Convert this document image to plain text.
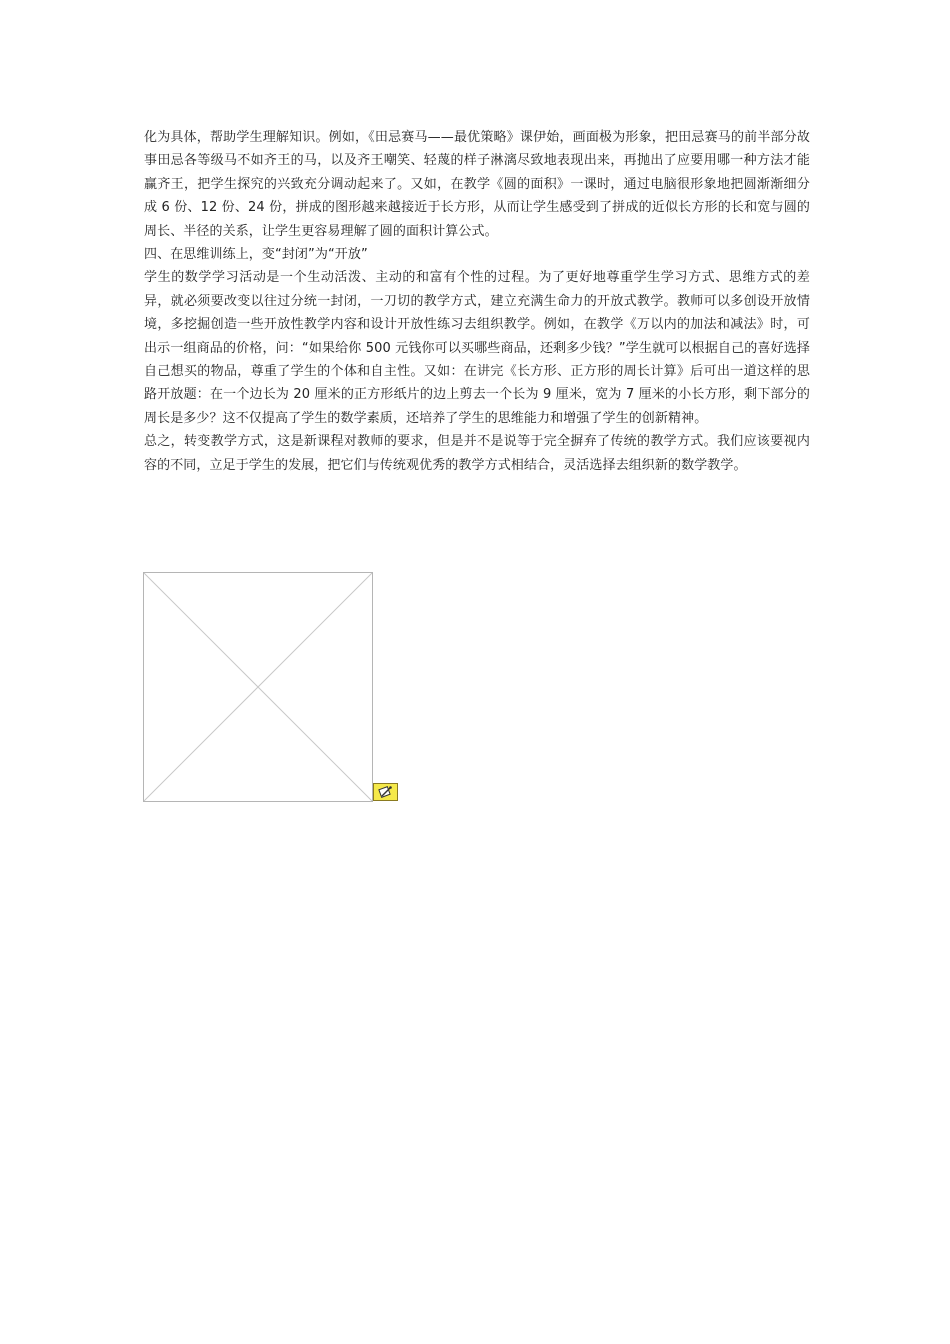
化为具体，帮助学生理解知识。例如，《田忌赛马——最优策略》课伊始，画面极为形象，把田忌赛马的前半部分故事田忌各等级马不如齐王的马，以及齐王嘲笑、轻蔑的样子淋漓尽致地表现出来，再抛出了应要用哪一种方法才能赢齐王，把学生探究的兴致充分调动起来了。又如，在教学《圆的面积》一课时，通过电脑很形象地把圆渐渐细分成 6 份、12 份、24 份，拼成的图形越来越接近于长方形，从而让学生感受到了拼成的近似长方形的长和宽与圆的周长、半径的关系，让学生更容易理解了圆的面积计算公式。

四、在思维训练上，变“封闭”为“开放”

学生的数学学习活动是一个生动活泼、主动的和富有个性的过程。为了更好地尊重学生学习方式、思维方式的差异，就必须要改变以往过分统一封闭，一刀切的教学方式，建立充满生命力的开放式教学。教师可以多创设开放情境，多挖掘创造一些开放性教学内容和设计开放性练习去组织教学。例如，在教学《万以内的加法和减法》时，可出示一组商品的价格，问：“如果给你 500 元钱你可以买哪些商品，还剩多少钱？”学生就可以根据自己的喜好选择自己想买的物品，尊重了学生的个体和自主性。又如：在讲完《长方形、正方形的周长计算》后可出一道这样的思路开放题：在一个边长为 20 厘米的正方形纸片的边上剪去一个长为 9 厘米，宽为 7 厘米的小长方形，剩下部分的周长是多少？这不仅提高了学生的数学素质，还培养了学生的思维能力和增强了学生的创新精神。

总之，转变教学方式，这是新课程对教师的要求，但是并不是说等于完全摒弃了传统的教学方式。我们应该要视内容的不同，立足于学生的发展，把它们与传统观优秀的教学方式相结合，灵活选择去组织新的数学教学。
